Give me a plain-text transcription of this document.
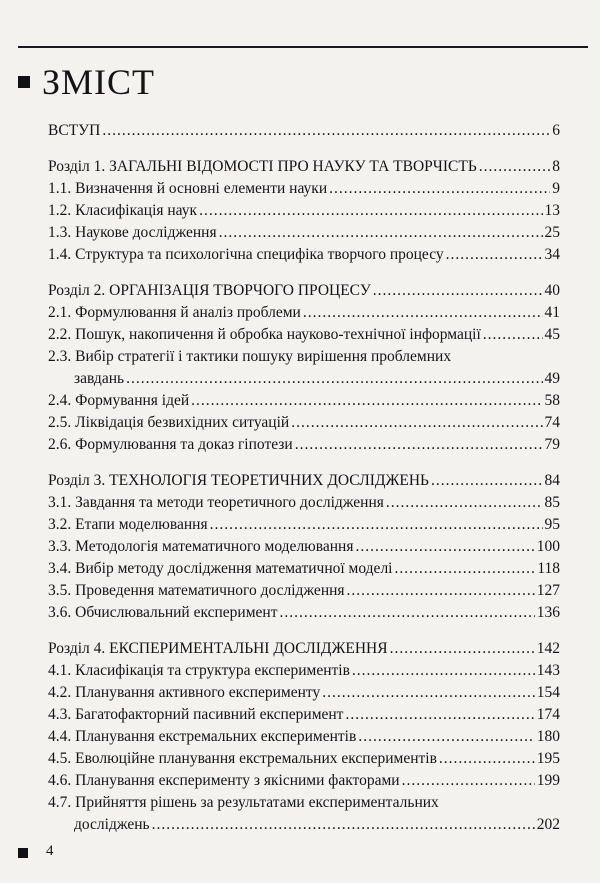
ЗМІСТ
ВСТУП .....	6
Розділ 1. ЗАГАЛЬНІ ВІДОМОСТІ ПРО НАУКУ ТА ТВОРЧІСТЬ .....	8
1.1. Визначення й основні елементи науки .....	9
1.2. Класифікація наук .....	13
1.3. Наукове дослідження .....	25
1.4. Структура та психологічна специфіка творчого процесу .....	34
Розділ 2. ОРГАНІЗАЦІЯ ТВОРЧОГО ПРОЦЕСУ .....	40
2.1. Формулювання й аналіз проблеми .....	41
2.2. Пошук, накопичення й обробка науково-технічної інформації .....	45
2.3. Вибір стратегії і тактики пошуку вирішення проблемних
завдань .....	49
2.4. Формування ідей .....	58
2.5. Ліквідація безвихідних ситуацій .....	74
2.6. Формулювання та доказ гіпотези .....	79
Розділ 3. ТЕХНОЛОГІЯ ТЕОРЕТИЧНИХ ДОСЛІДЖЕНЬ .....	84
3.1. Завдання та методи теоретичного дослідження .....	85
3.2. Етапи моделювання .....	95
3.3. Методологія математичного моделювання .....	100
3.4. Вибір методу дослідження математичної моделі .....	118
3.5. Проведення математичного дослідження .....	127
3.6. Обчислювальний експеримент .....	136
Розділ 4. ЕКСПЕРИМЕНТАЛЬНІ ДОСЛІДЖЕННЯ .....	142
4.1. Класифікація та структура експериментів .....	143
4.2. Планування активного експерименту .....	154
4.3. Багатофакторний пасивний експеримент .....	174
4.4. Планування екстремальних експериментів .....	180
4.5. Еволюційне планування екстремальних експериментів .....	195
4.6. Планування експерименту з якісними факторами .....	199
4.7. Прийняття рішень за результатами експериментальних
досліджень .....	202
4
